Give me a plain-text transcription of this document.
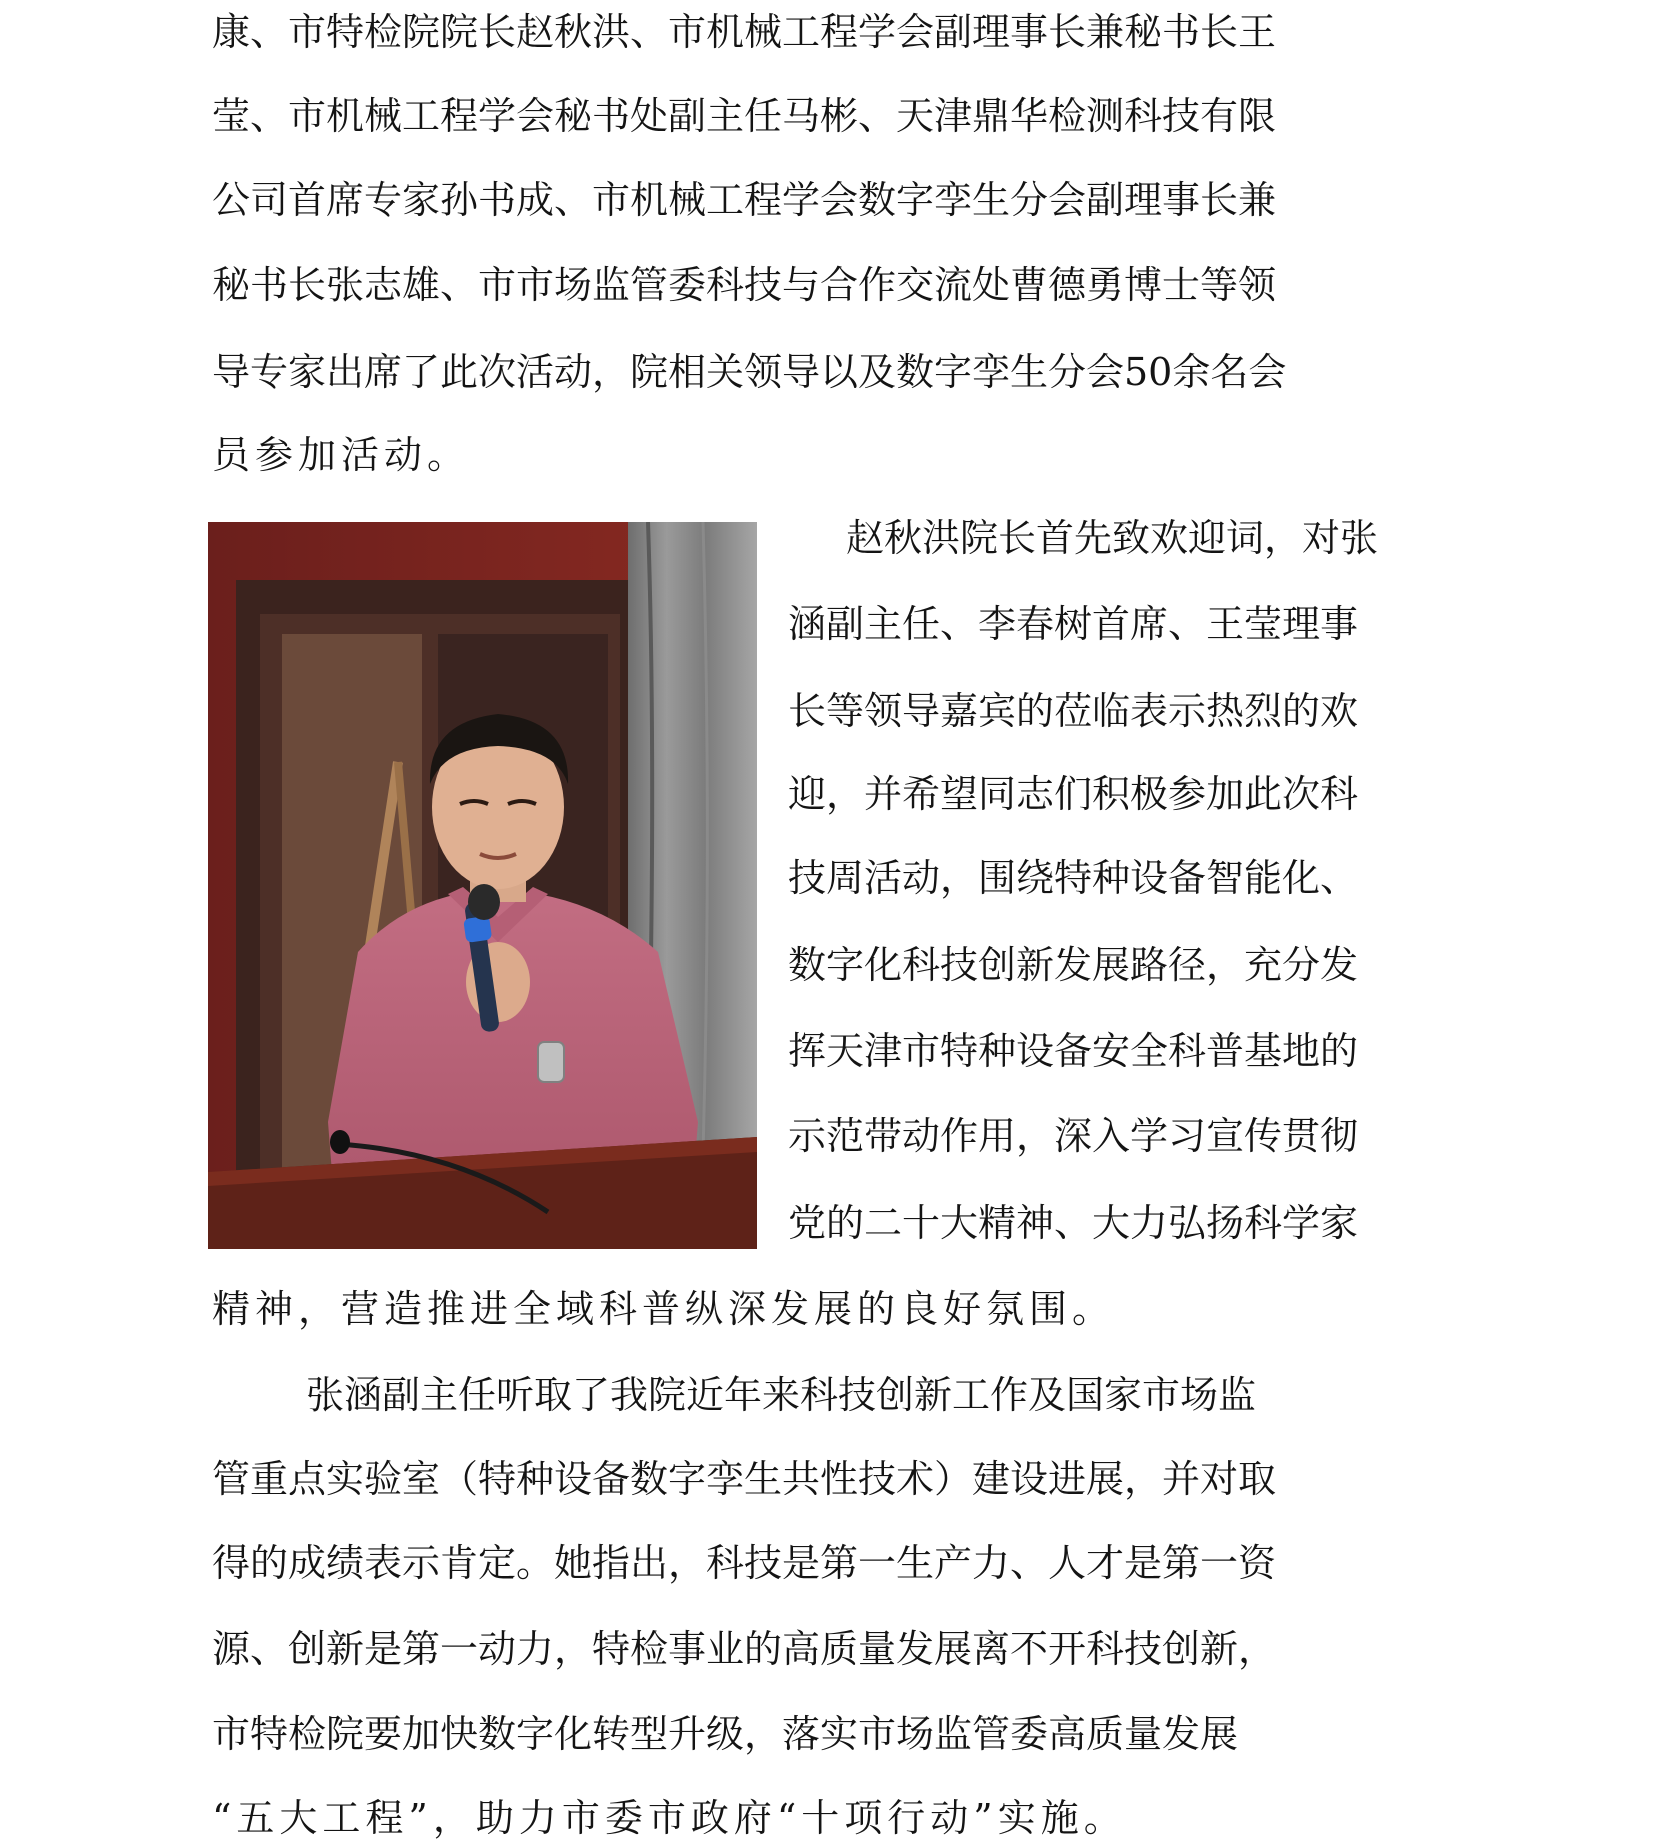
康、市特检院院长赵秋洪、市机械工程学会副理事长兼秘书长王
莹、市机械工程学会秘书处副主任马彬、天津鼎华检测科技有限
公司首席专家孙书成、市机械工程学会数字孪生分会副理事长兼
秘书长张志雄、市市场监管委科技与合作交流处曹德勇博士等领
导专家出席了此次活动，院相关领导以及数字孪生分会50余名会
员参加活动。
赵秋洪院长首先致欢迎词，对张
涵副主任、李春树首席、王莹理事
长等领导嘉宾的莅临表示热烈的欢
迎，并希望同志们积极参加此次科
技周活动，围绕特种设备智能化、
数字化科技创新发展路径，充分发
挥天津市特种设备安全科普基地的
示范带动作用，深入学习宣传贯彻
党的二十大精神、大力弘扬科学家
精神，营造推进全域科普纵深发展的良好氛围。
张涵副主任听取了我院近年来科技创新工作及国家市场监
管重点实验室（特种设备数字孪生共性技术）建设进展，并对取
得的成绩表示肯定。她指出，科技是第一生产力、人才是第一资
源、创新是第一动力，特检事业的高质量发展离不开科技创新，
市特检院要加快数字化转型升级，落实市场监管委高质量发展
“五大工程”，助力市委市政府“十项行动”实施。
